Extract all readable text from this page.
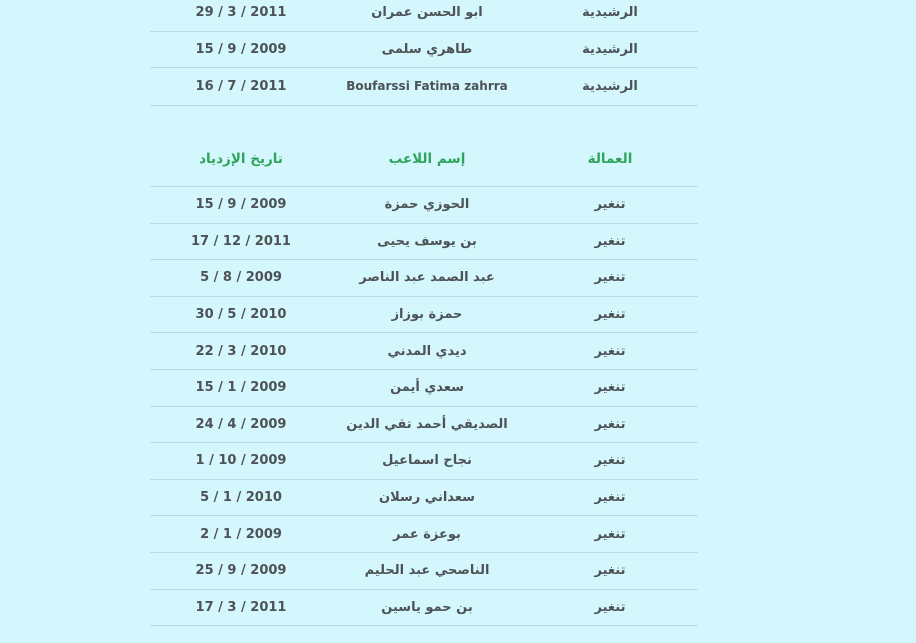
29 / 3 / 2011	ابو الحسن عمران	الرشيدية
15 / 9 / 2009	طاهري سلمى	الرشيدية
16 / 7 / 2011	Boufarssi Fatima zahrra	الرشيدية
تاريخ الإزدياد	إسم اللاعب	العمالة
15 / 9 / 2009	الحوزي حمزة	تنغير
17 / 12 / 2011	بن يوسف يحيى	تنغير
5 / 8 / 2009	عبد الصمد عبد الناصر	تنغير
30 / 5 / 2010	حمزة بوزاز	تنغير
22 / 3 / 2010	ديدي المدني	تنغير
15 / 1 / 2009	سعدي أيمن	تنغير
24 / 4 / 2009	الصديقي أحمد تقي الدين	تنغير
1 / 10 / 2009	نجاح اسماعيل	تنغير
5 / 1 / 2010	سعداني رسلان	تنغير
2 / 1 / 2009	بوعزة عمر	تنغير
25 / 9 / 2009	الناصحي عبد الحليم	تنغير
17 / 3 / 2011	بن حمو ياسين	تنغير
